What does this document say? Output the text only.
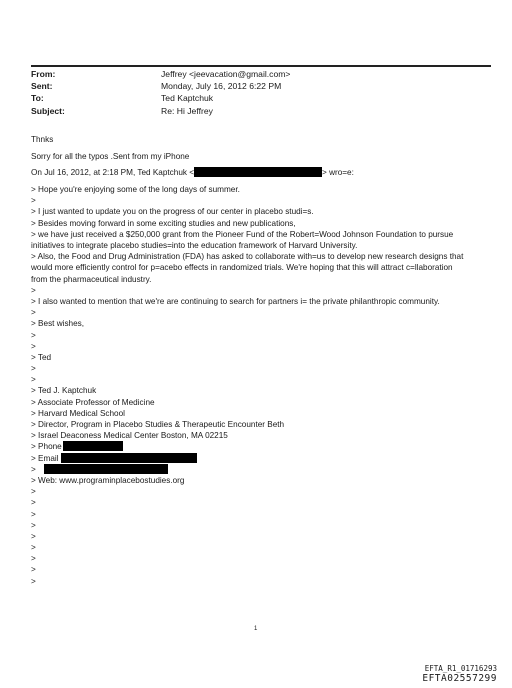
From:	Jeffrey <jeevacation@gmail.com>
Sent:	Monday, July 16, 2012 6:22 PM
To:	Ted Kaptchuk
Subject:	Re: Hi Jeffrey
Thnks
Sorry for all the typos .Sent from my iPhone
On Jul 16, 2012, at 2:18 PM, Ted Kaptchuk <	> wro=e:
> Hope you're enjoying some of the long days of summer.
>
> I just wanted to update you on the progress of our center in placebo studi=s.
> Besides moving forward in some exciting studies and new publications,
> we have just received a $250,000 grant from the Pioneer Fund of the Robert=Wood Johnson Foundation to pursue
initiatives to integrate placebo studies=into the education framework of Harvard University.
> Also, the Food and Drug Administration (FDA) has asked to collaborate with=us to develop new research designs that
would more efficiently control for p=acebo effects in randomized trials. We're hoping that this will attract c=llaboration
from the pharmaceutical industry.
>
> I also wanted to mention that we're are continuing to search for partners i= the private philanthropic community.
>
> Best wishes,
>
>
> Ted
>
>
> Ted J. Kaptchuk
> Associate Professor of Medicine
> Harvard Medical School
> Director, Program in Placebo Studies & Therapeutic Encounter Beth
> Israel Deaconess Medical Center Boston, MA 02215
> Phone
> Email
>
> Web: www.programinplacebostudies.org
>
>
>
>
>
>
>
>
>
1
EFTA_R1_01716293
EFTA02557299
